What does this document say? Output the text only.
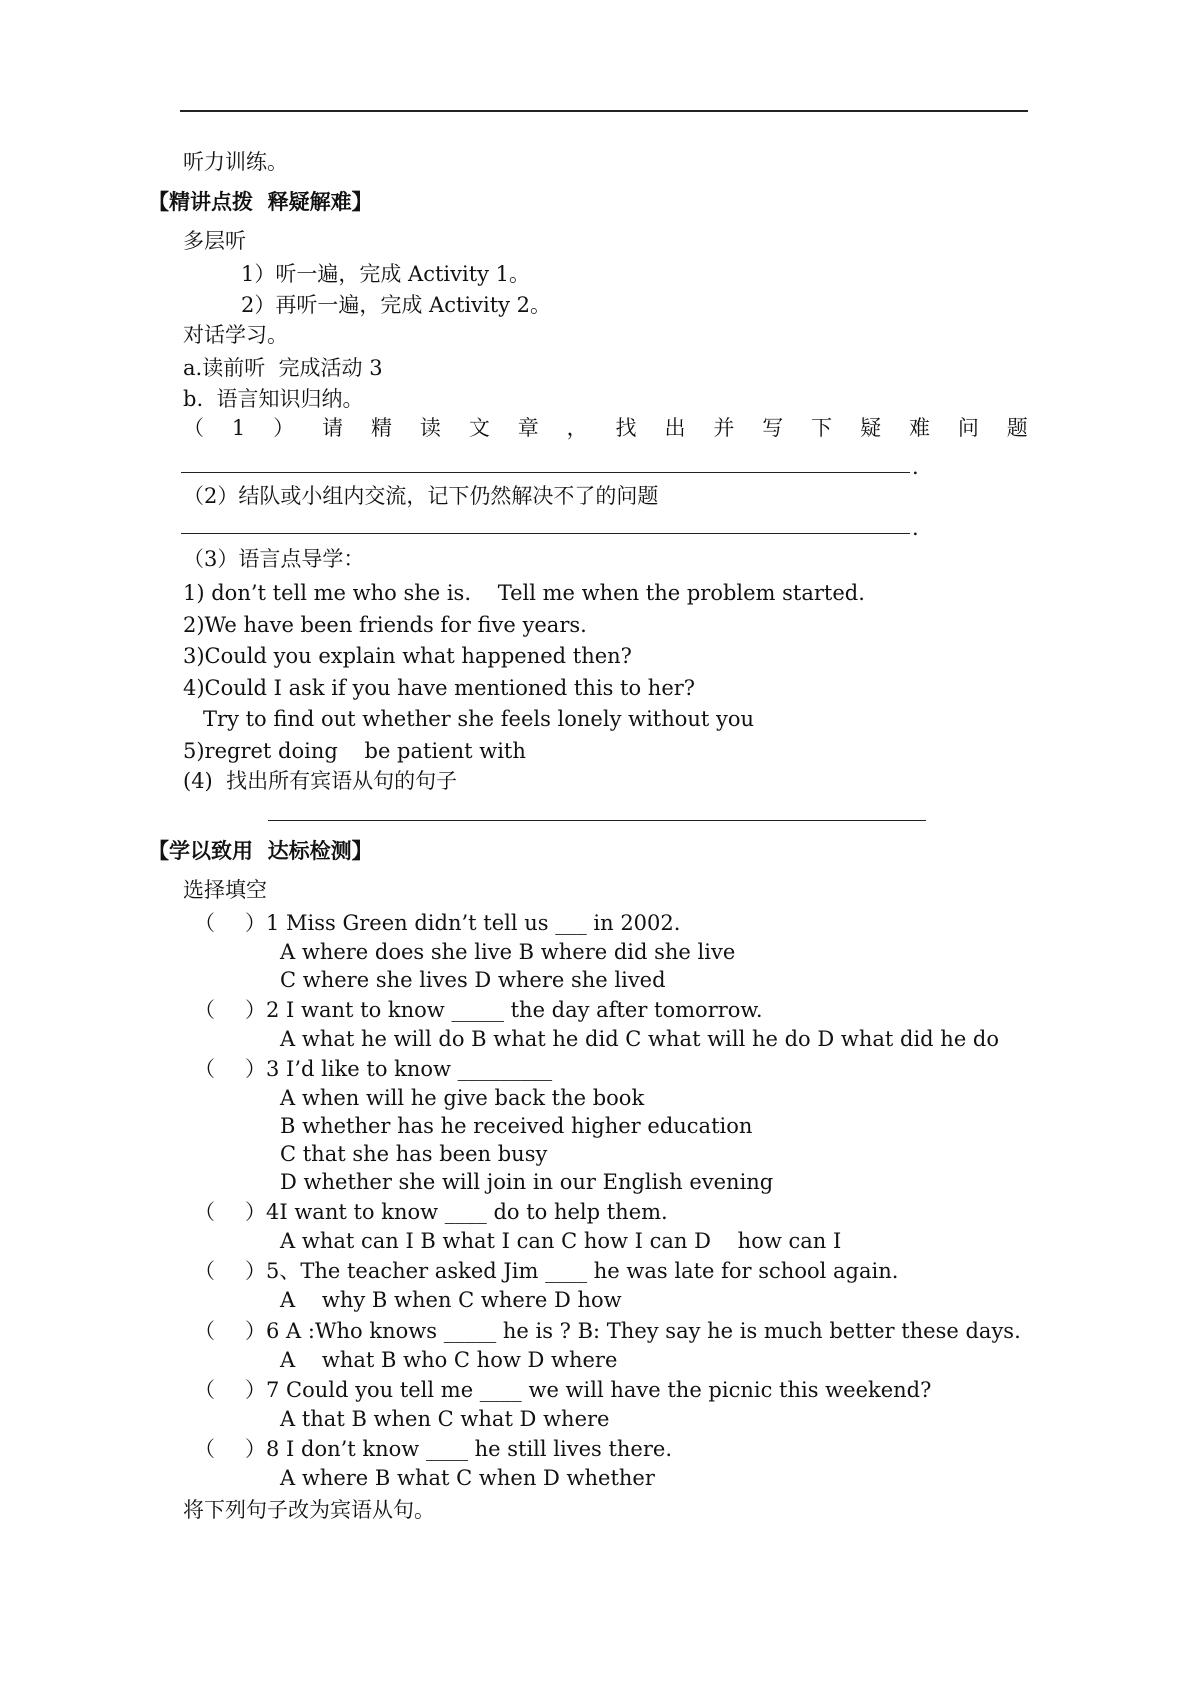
听力训练。
【精讲点拨  释疑解难】
多层听
1）听一遍，完成 Activity 1。
2）再听一遍，完成 Activity 2。
对话学习。
a.读前听  完成活动 3
b.  语言知识归纳。
（ 1 ） 请 精 读 文 章 ， 找 出 并 写 下 疑 难 问 题
.
（2）结队或小组内交流，记下仍然解决不了的问题
.
（3）语言点导学：
1) don’t tell me who she is.    Tell me when the problem started.
2)We have been friends for five years.
3)Could you explain what happened then?
4)Could I ask if you have mentioned this to her?
Try to find out whether she feels lonely without you
5)regret doing    be patient with
(4)  找出所有宾语从句的句子
【学以致用  达标检测】
选择填空
（ ）1 Miss Green didn’t tell us ___ in 2002.
A where does she live B where did she live
C where she lives D where she lived
（ ）2 I want to know _____ the day after tomorrow.
A what he will do B what he did C what will he do D what did he do
（ ）3 I’d like to know _________
A when will he give back the book
B whether has he received higher education
C that she has been busy
D whether she will join in our English evening
（ ）4I want to know ____ do to help them.
A what can I B what I can C how I can D    how can I
（ ）5、The teacher asked Jim ____ he was late for school again.
A    why B when C where D how
（ ）6 A :Who knows _____ he is ? B: They say he is much better these days.
A    what B who C how D where
（ ）7 Could you tell me ____ we will have the picnic this weekend?
A that B when C what D where
（ ）8 I don’t know ____ he still lives there.
A where B what C when D whether
将下列句子改为宾语从句。
